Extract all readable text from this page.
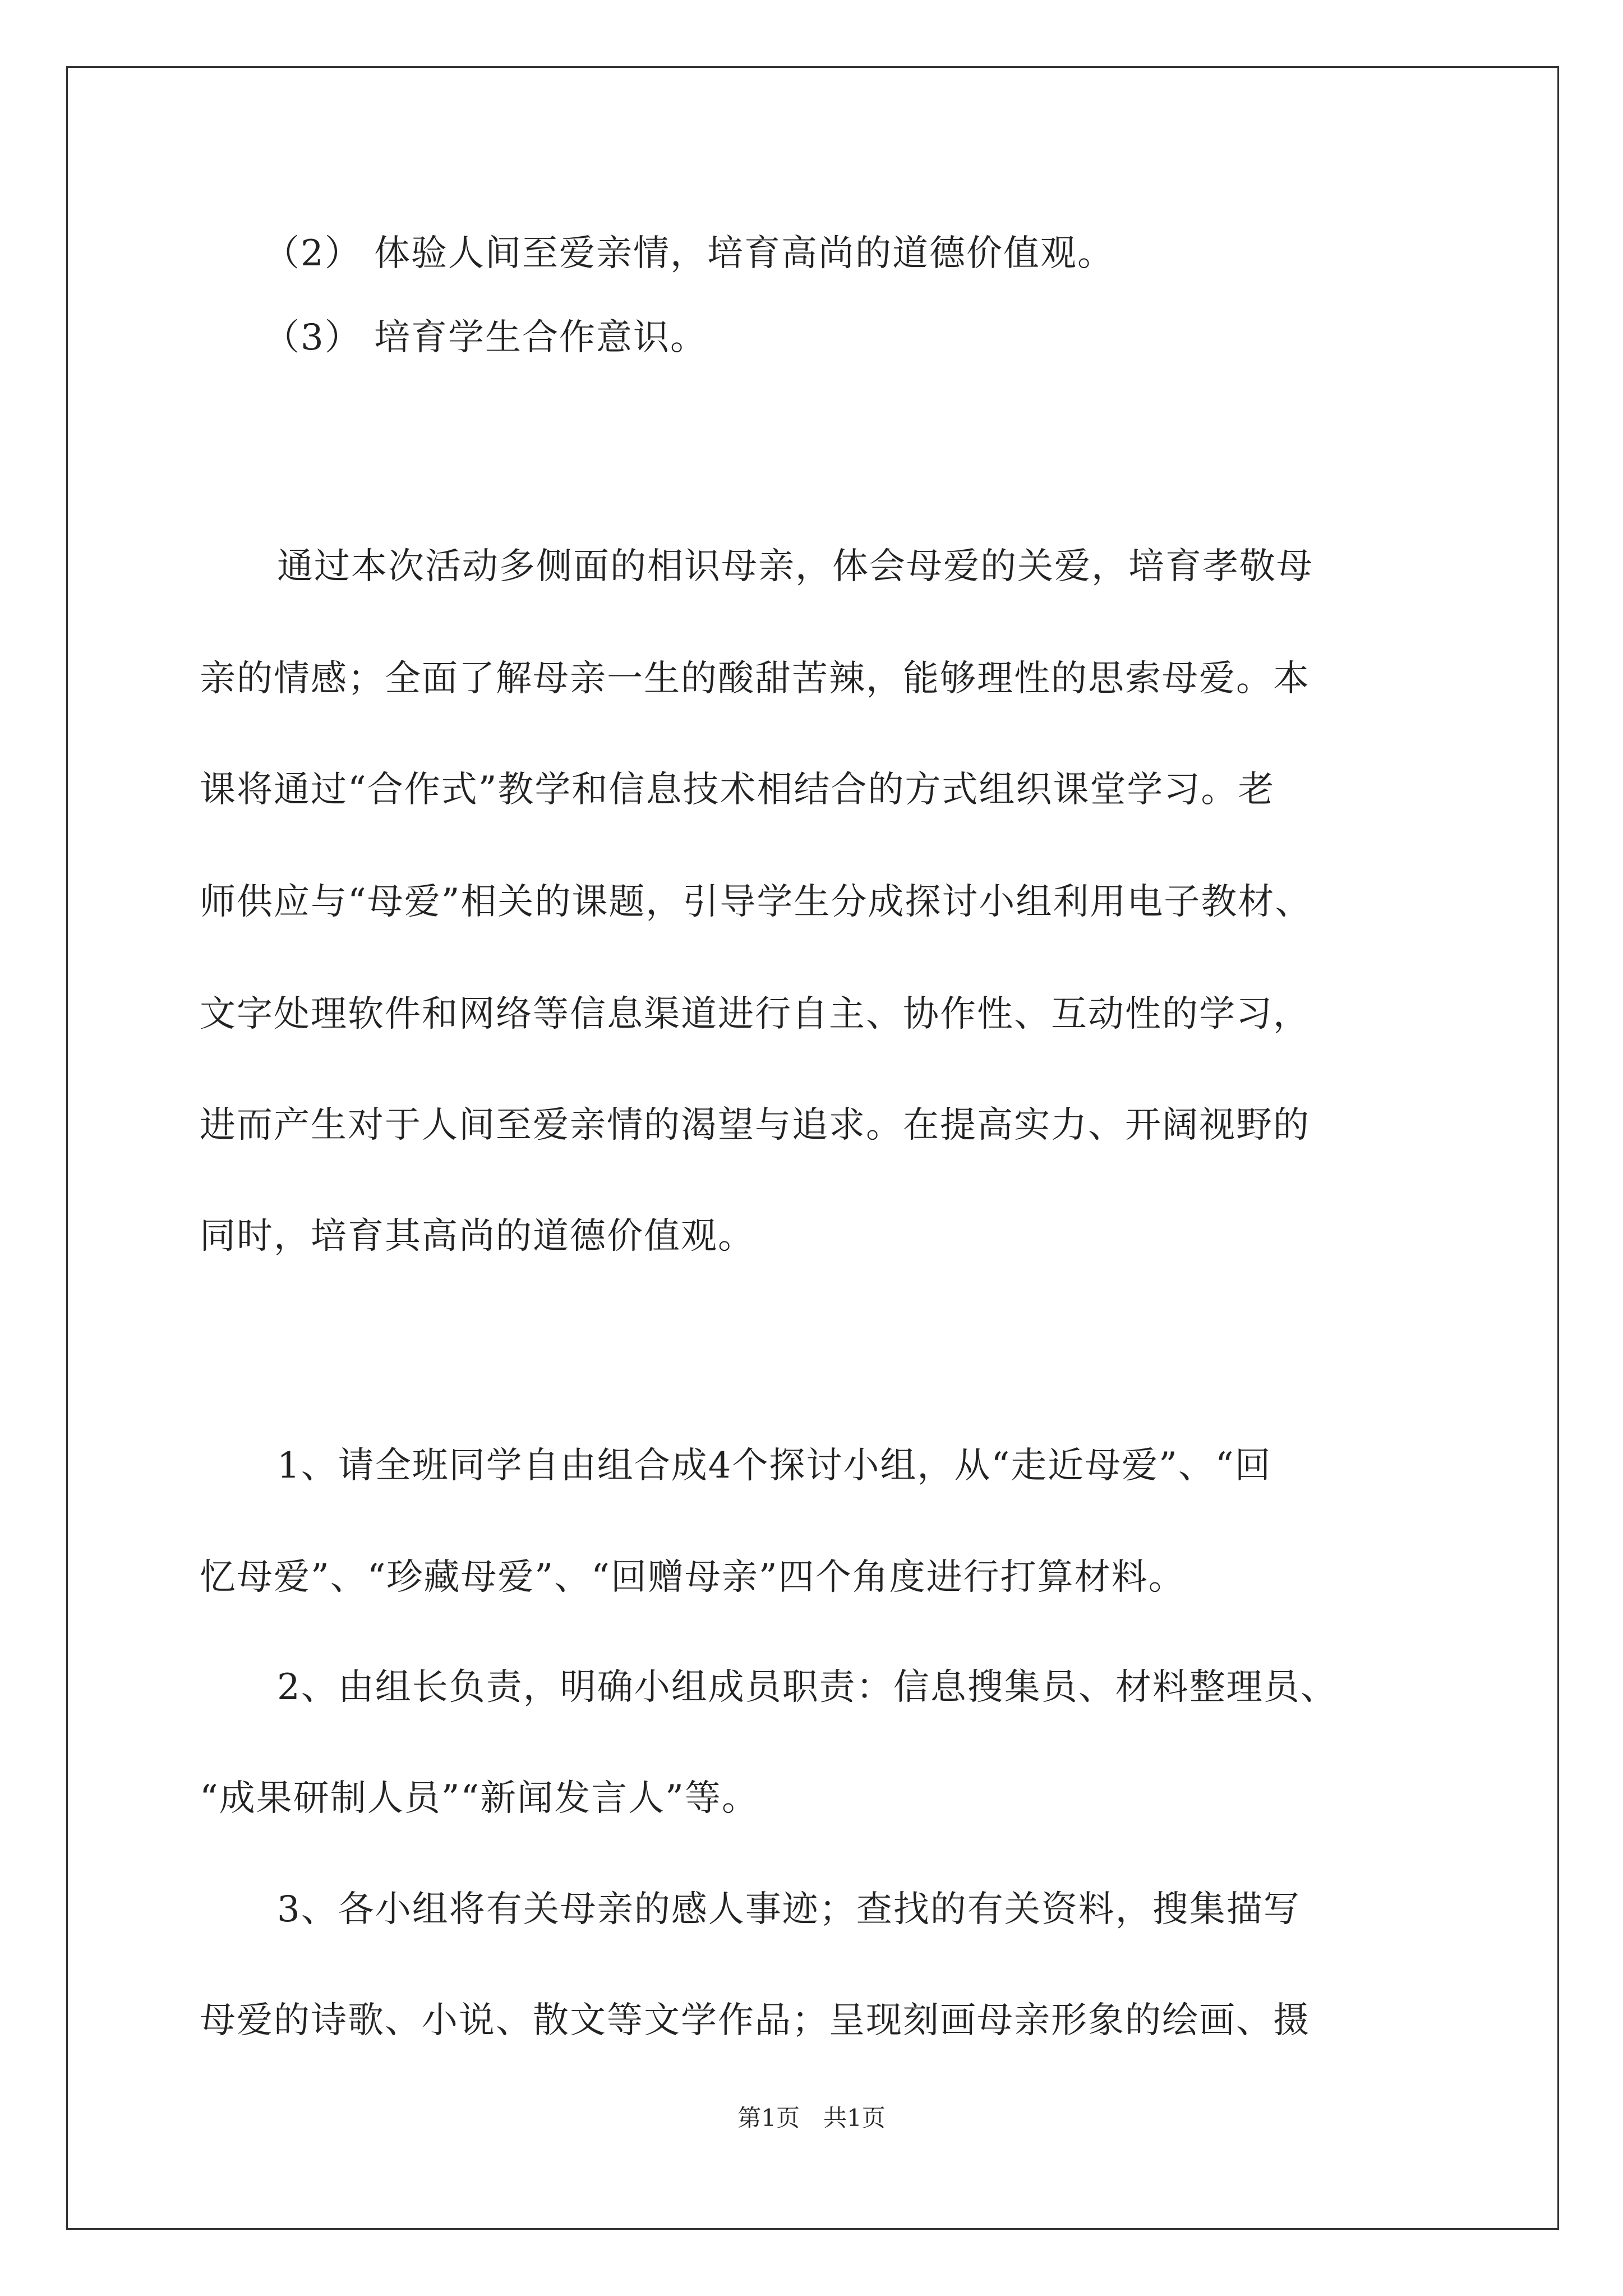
（2） 体验人间至爱亲情，培育高尚的道德价值观。
（3） 培育学生合作意识。
通过本次活动多侧面的相识母亲，体会母爱的关爱，培育孝敬母
亲的情感；全面了解母亲一生的酸甜苦辣，能够理性的思索母爱。本
课将通过“合作式”教学和信息技术相结合的方式组织课堂学习。老
师供应与“母爱”相关的课题，引导学生分成探讨小组利用电子教材、
文字处理软件和网络等信息渠道进行自主、协作性、互动性的学习，
进而产生对于人间至爱亲情的渴望与追求。在提高实力、开阔视野的
同时，培育其高尚的道德价值观。
1、请全班同学自由组合成4个探讨小组，从“走近母爱”、“回
忆母爱”、“珍藏母爱”、“回赠母亲”四个角度进行打算材料。
2、由组长负责，明确小组成员职责：信息搜集员、材料整理员、
“成果研制人员”“新闻发言人”等。
3、各小组将有关母亲的感人事迹；查找的有关资料，搜集描写
母爱的诗歌、小说、散文等文学作品；呈现刻画母亲形象的绘画、摄
第1页　共1页
